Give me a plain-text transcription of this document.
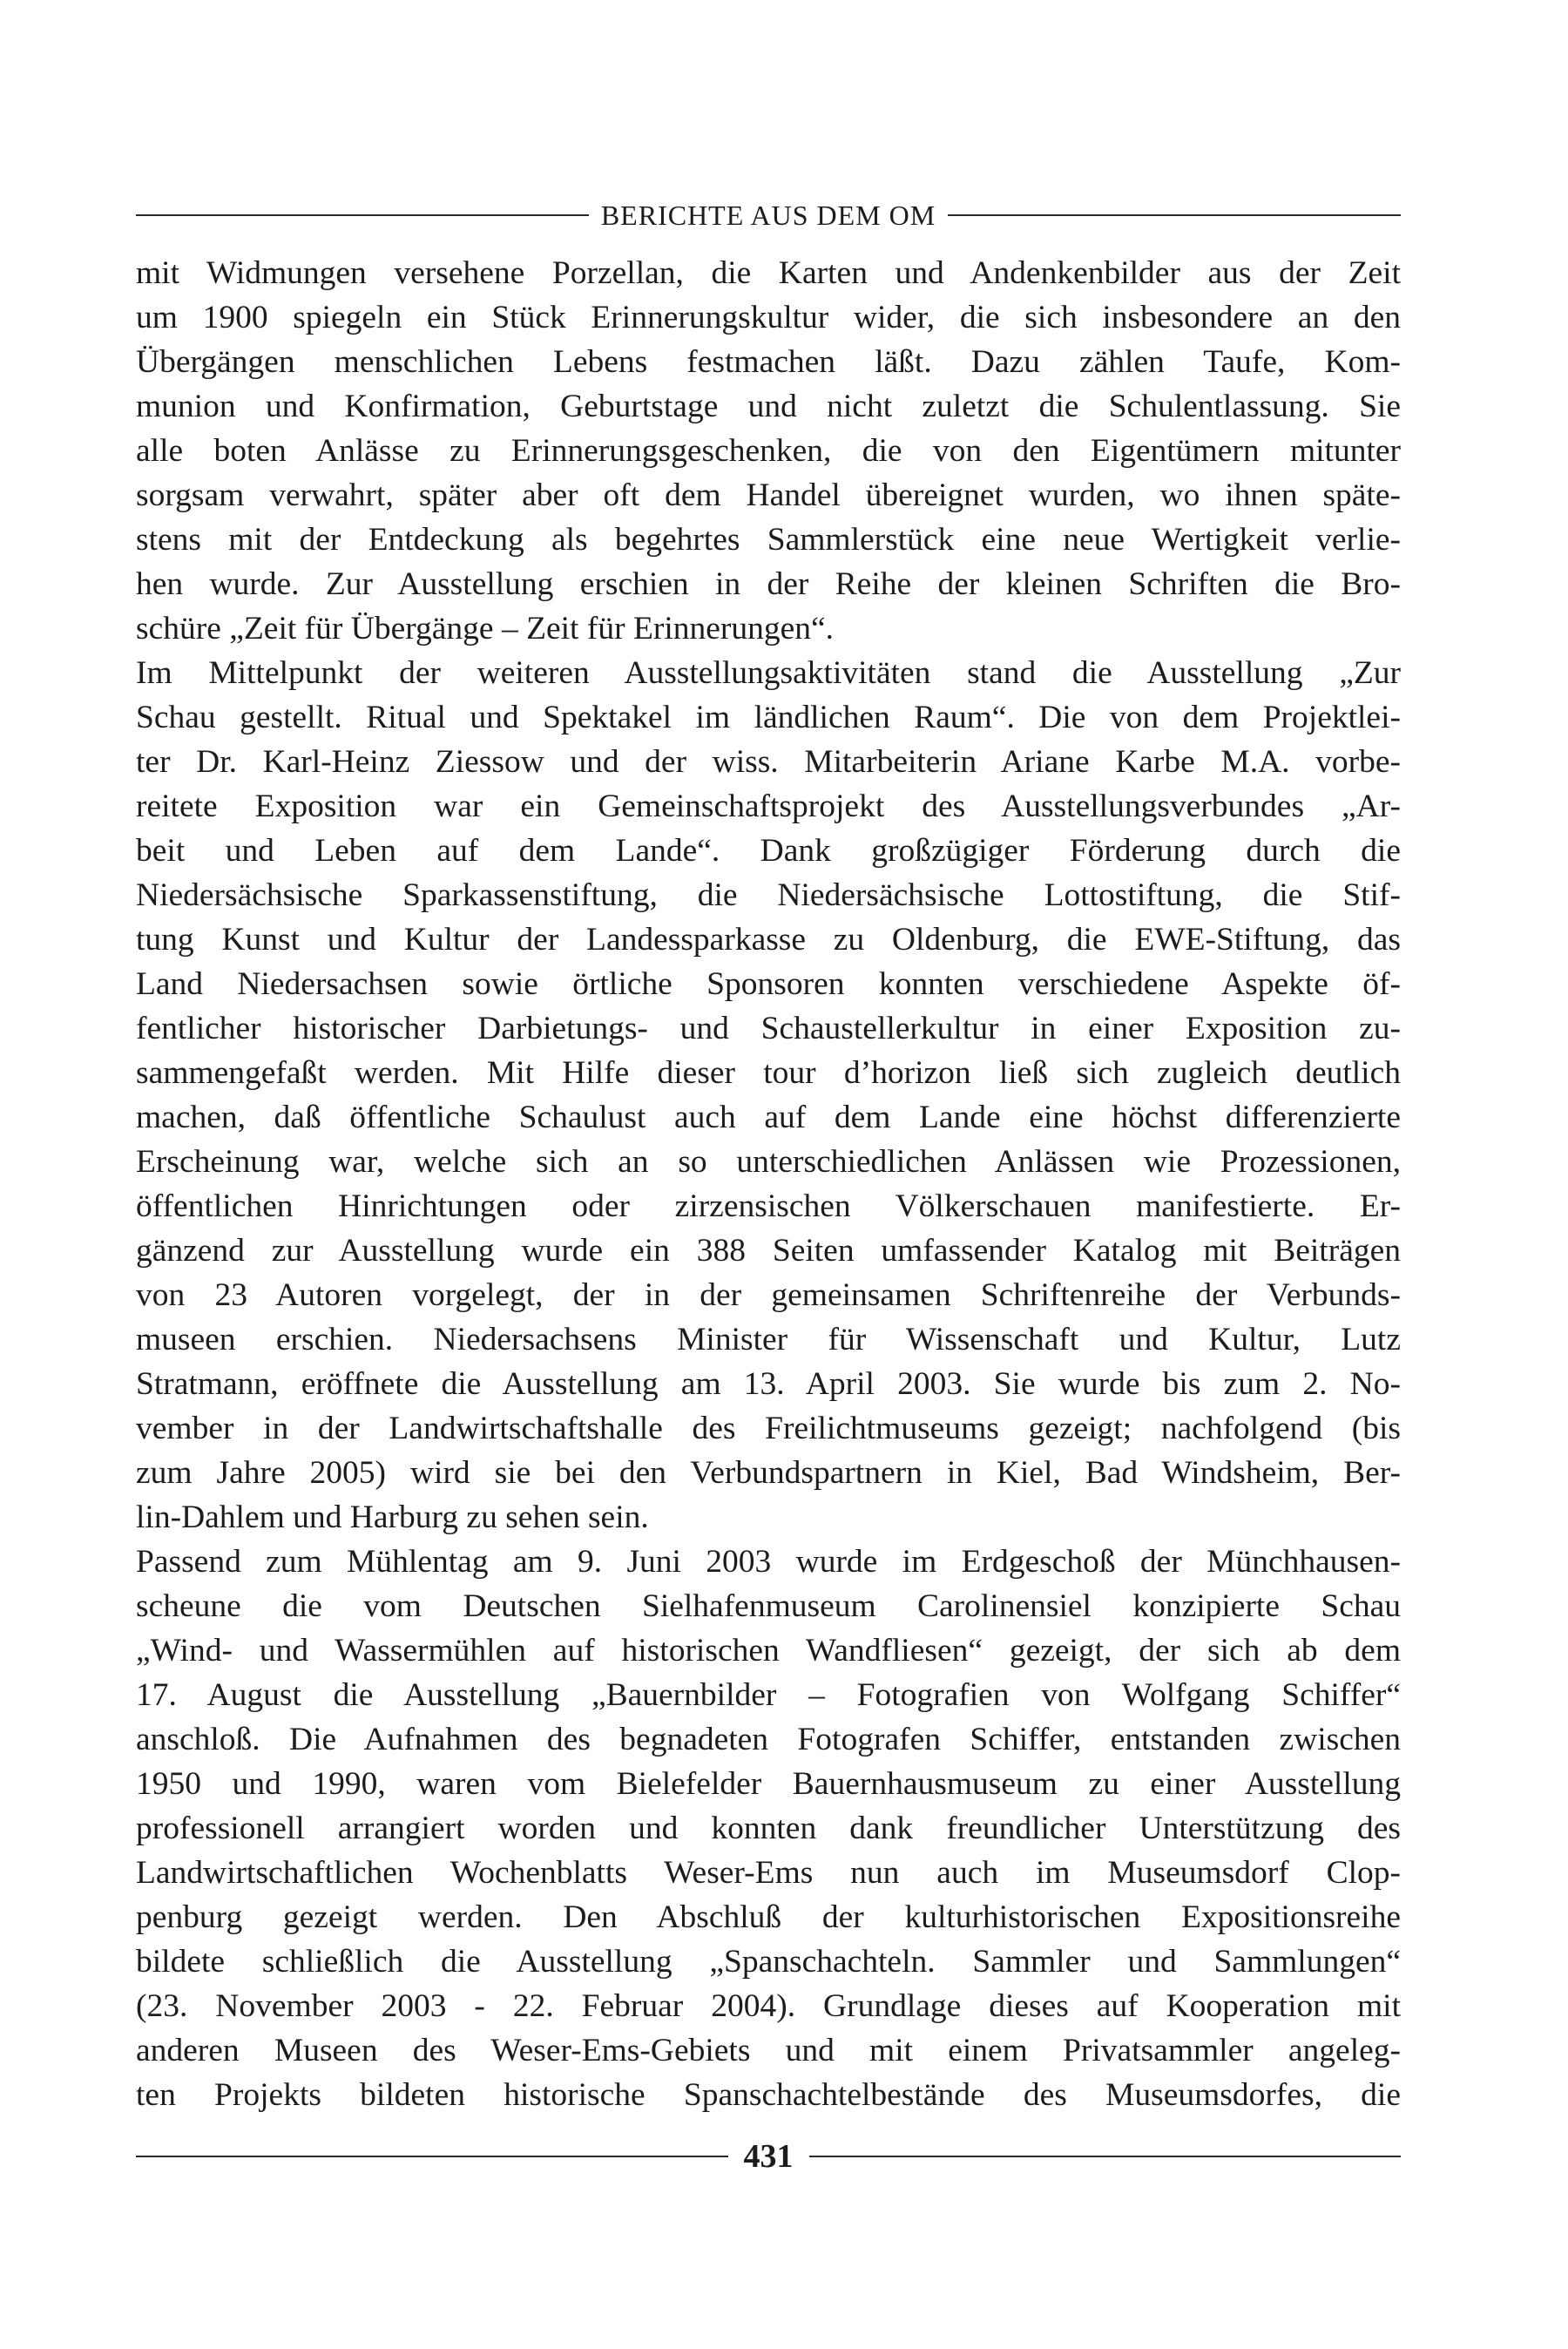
BERICHTE AUS DEM OM
mit Widmungen versehene Porzellan, die Karten und Andenkenbilder aus der Zeit
um 1900 spiegeln ein Stück Erinnerungskultur wider, die sich insbesondere an den
Übergängen menschlichen Lebens festmachen läßt. Dazu zählen Taufe, Kom-
munion und Konfirmation, Geburtstage und nicht zuletzt die Schulentlassung. Sie
alle boten Anlässe zu Erinnerungsgeschenken, die von den Eigentümern mitunter
sorgsam verwahrt, später aber oft dem Handel übereignet wurden, wo ihnen späte-
stens mit der Entdeckung als begehrtes Sammlerstück eine neue Wertigkeit verlie-
hen wurde. Zur Ausstellung erschien in der Reihe der kleinen Schriften die Bro-
schüre „Zeit für Übergänge – Zeit für Erinnerungen“.
Im Mittelpunkt der weiteren Ausstellungsaktivitäten stand die Ausstellung „Zur
Schau gestellt. Ritual und Spektakel im ländlichen Raum“. Die von dem Projektlei-
ter Dr. Karl-Heinz Ziessow und der wiss. Mitarbeiterin Ariane Karbe M.A. vorbe-
reitete Exposition war ein Gemeinschaftsprojekt des Ausstellungsverbundes „Ar-
beit und Leben auf dem Lande“. Dank großzügiger Förderung durch die
Niedersächsische Sparkassenstiftung, die Niedersächsische Lottostiftung, die Stif-
tung Kunst und Kultur der Landessparkasse zu Oldenburg, die EWE-Stiftung, das
Land Niedersachsen sowie örtliche Sponsoren konnten verschiedene Aspekte öf-
fentlicher historischer Darbietungs- und Schaustellerkultur in einer Exposition zu-
sammengefaßt werden. Mit Hilfe dieser tour d’horizon ließ sich zugleich deutlich
machen, daß öffentliche Schaulust auch auf dem Lande eine höchst differenzierte
Erscheinung war, welche sich an so unterschiedlichen Anlässen wie Prozessionen,
öffentlichen Hinrichtungen oder zirzensischen Völkerschauen manifestierte. Er-
gänzend zur Ausstellung wurde ein 388 Seiten umfassender Katalog mit Beiträgen
von 23 Autoren vorgelegt, der in der gemeinsamen Schriftenreihe der Verbunds-
museen erschien. Niedersachsens Minister für Wissenschaft und Kultur, Lutz
Stratmann, eröffnete die Ausstellung am 13. April 2003. Sie wurde bis zum 2. No-
vember in der Landwirtschaftshalle des Freilichtmuseums gezeigt; nachfolgend (bis
zum Jahre 2005) wird sie bei den Verbundspartnern in Kiel, Bad Windsheim, Ber-
lin-Dahlem und Harburg zu sehen sein.
Passend zum Mühlentag am 9. Juni 2003 wurde im Erdgeschoß der Münchhausen-
scheune die vom Deutschen Sielhafenmuseum Carolinensiel konzipierte Schau
„Wind- und Wassermühlen auf historischen Wandfliesen“ gezeigt, der sich ab dem
17. August die Ausstellung „Bauernbilder – Fotografien von Wolfgang Schiffer“
anschloß. Die Aufnahmen des begnadeten Fotografen Schiffer, entstanden zwischen
1950 und 1990, waren vom Bielefelder Bauernhausmuseum zu einer Ausstellung
professionell arrangiert worden und konnten dank freundlicher Unterstützung des
Landwirtschaftlichen Wochenblatts Weser-Ems nun auch im Museumsdorf Clop-
penburg gezeigt werden. Den Abschluß der kulturhistorischen Expositionsreihe
bildete schließlich die Ausstellung „Spanschachteln. Sammler und Sammlungen“
(23. November 2003 - 22. Februar 2004). Grundlage dieses auf Kooperation mit
anderen Museen des Weser-Ems-Gebiets und mit einem Privatsammler angeleg-
ten Projekts bildeten historische Spanschachtelbestände des Museumsdorfes, die
431
